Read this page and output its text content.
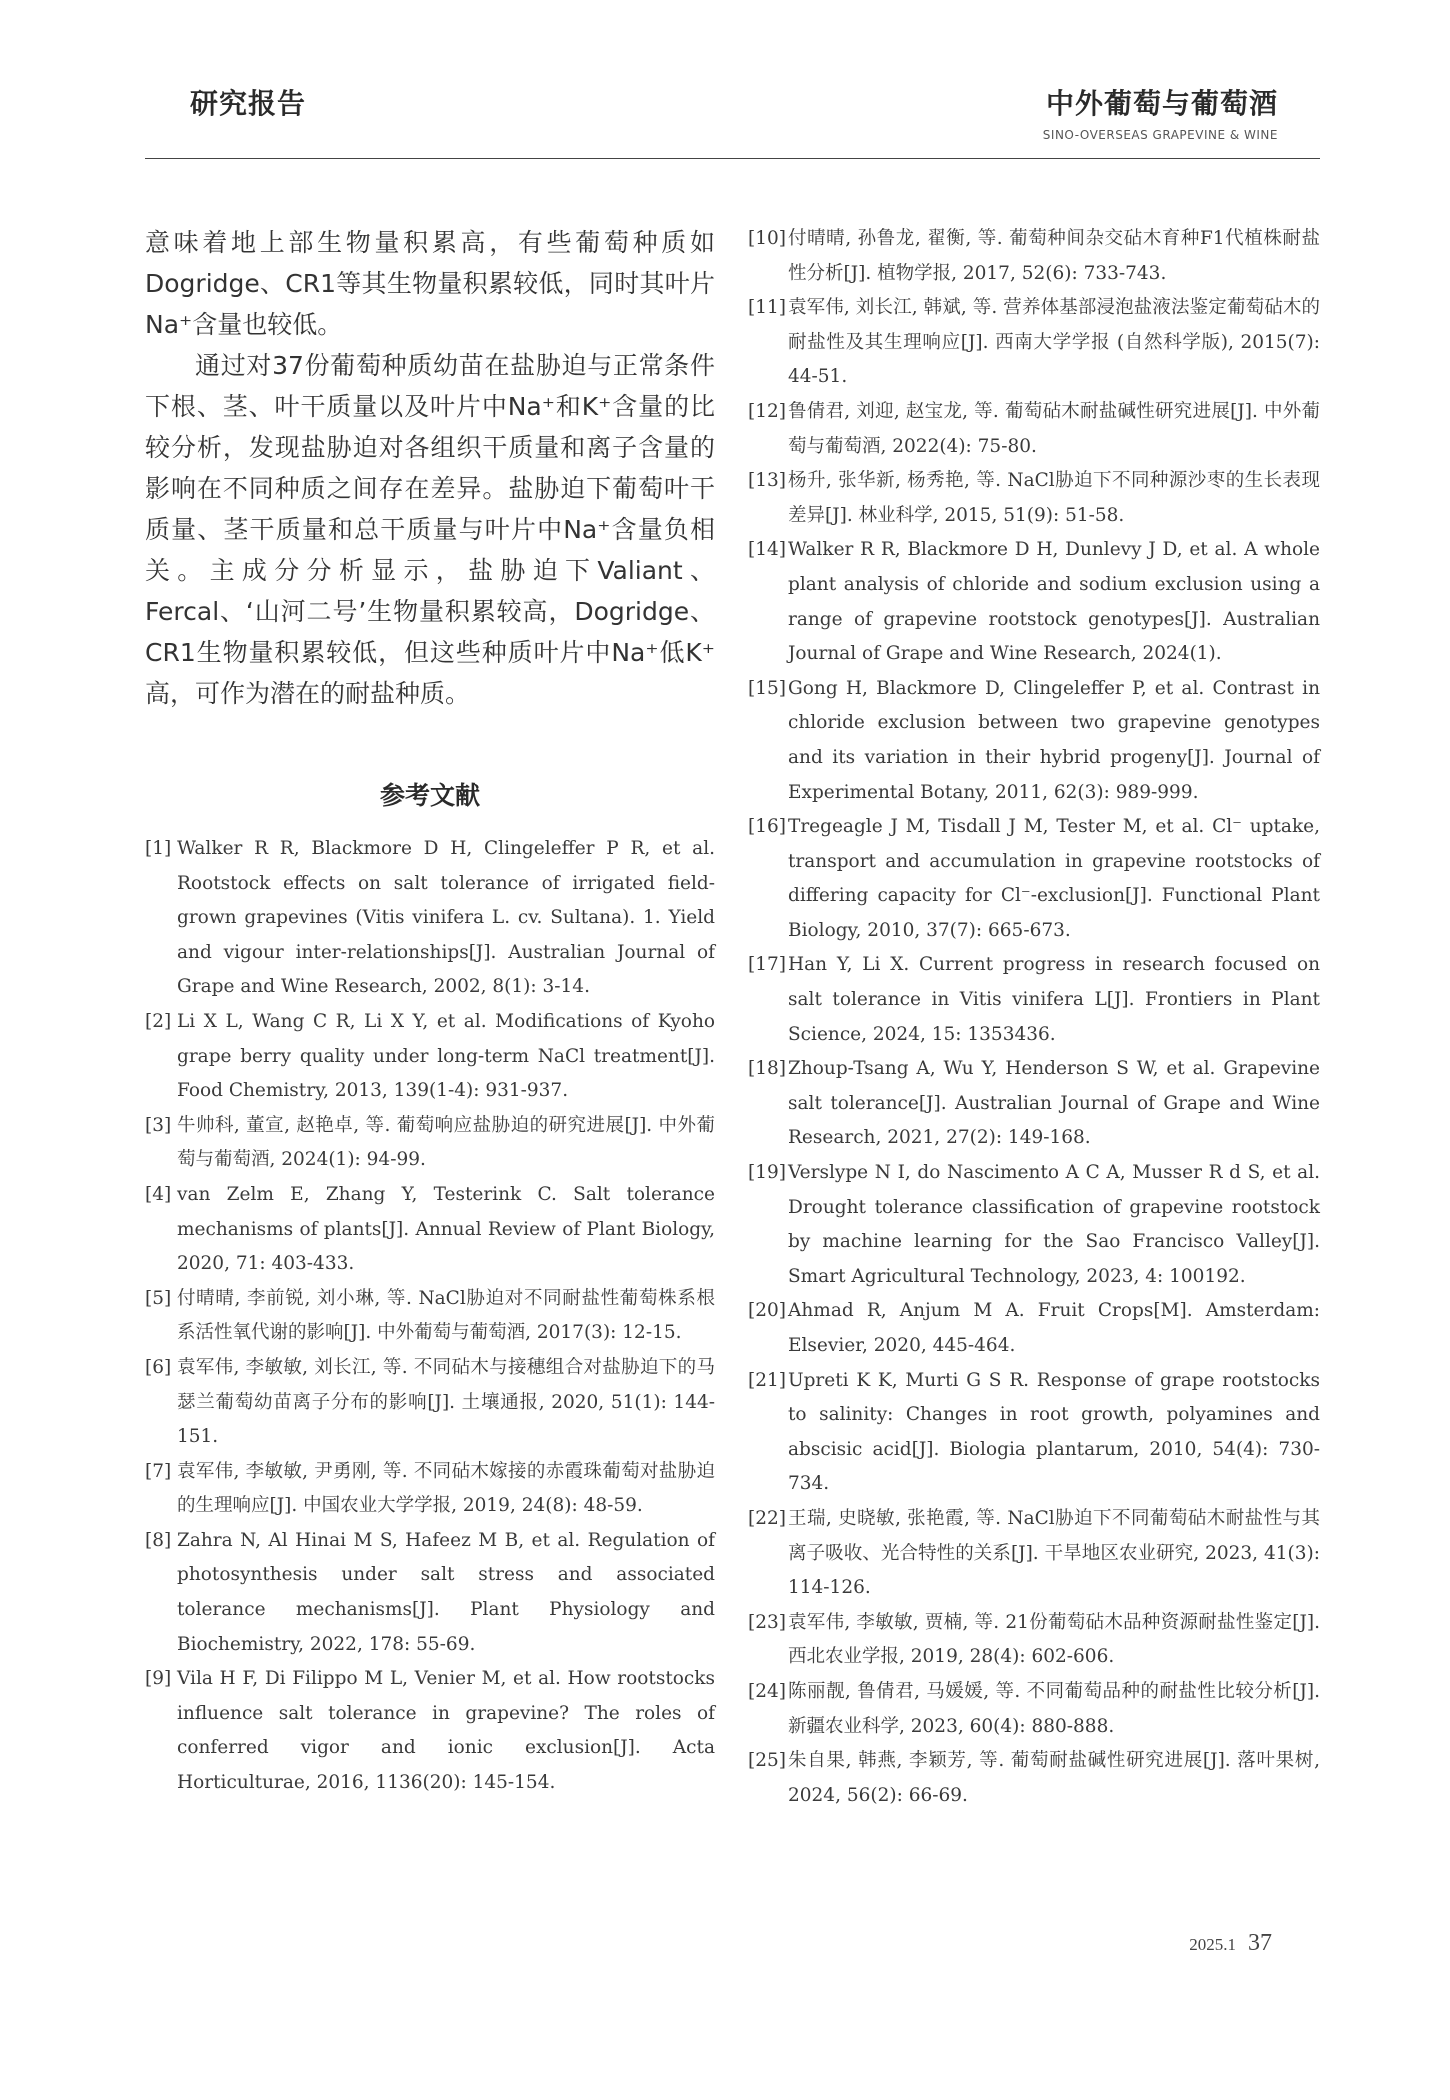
研究报告	中外葡萄与葡萄酒
SINO-OVERSEAS GRAPEVINE & WINE

意味着地上部生物量积累高，有些葡萄种质如Dogridge、CR1等其生物量积累较低，同时其叶片Na⁺含量也较低。

通过对37份葡萄种质幼苗在盐胁迫与正常条件下根、茎、叶干质量以及叶片中Na⁺和K⁺含量的比较分析，发现盐胁迫对各组织干质量和离子含量的影响在不同种质之间存在差异。盐胁迫下葡萄叶干质量、茎干质量和总干质量与叶片中Na⁺含量负相关。主成分分析显示，盐胁迫下Valiant、Fercal、‘山河二号’生物量积累较高，Dogridge、CR1生物量积累较低，但这些种质叶片中Na⁺低K⁺高，可作为潜在的耐盐种质。

参考文献

[1] Walker R R, Blackmore D H, Clingeleffer P R, et al. Rootstock effects on salt tolerance of irrigated field-grown grapevines (Vitis vinifera L. cv. Sultana). 1. Yield and vigour inter-relationships[J]. Australian Journal of Grape and Wine Research, 2002, 8(1): 3-14.

[2] Li X L, Wang C R, Li X Y, et al. Modifications of Kyoho grape berry quality under long-term NaCl treatment[J]. Food Chemistry, 2013, 139(1-4): 931-937.

[3] 牛帅科, 董宣, 赵艳卓, 等. 葡萄响应盐胁迫的研究进展[J]. 中外葡萄与葡萄酒, 2024(1): 94-99.

[4] van Zelm E, Zhang Y, Testerink C. Salt tolerance mechanisms of plants[J]. Annual Review of Plant Biology, 2020, 71: 403-433.

[5] 付晴晴, 李前锐, 刘小琳, 等. NaCl胁迫对不同耐盐性葡萄株系根系活性氧代谢的影响[J]. 中外葡萄与葡萄酒, 2017(3): 12-15.

[6] 袁军伟, 李敏敏, 刘长江, 等. 不同砧木与接穗组合对盐胁迫下的马瑟兰葡萄幼苗离子分布的影响[J]. 土壤通报, 2020, 51(1): 144-151.

[7] 袁军伟, 李敏敏, 尹勇刚, 等. 不同砧木嫁接的赤霞珠葡萄对盐胁迫的生理响应[J]. 中国农业大学学报, 2019, 24(8): 48-59.

[8] Zahra N, Al Hinai M S, Hafeez M B, et al. Regulation of photosynthesis under salt stress and associated tolerance mechanisms[J]. Plant Physiology and Biochemistry, 2022, 178: 55-69.

[9] Vila H F, Di Filippo M L, Venier M, et al. How rootstocks influence salt tolerance in grapevine? The roles of conferred vigor and ionic exclusion[J]. Acta Horticulturae, 2016, 1136(20): 145-154.

[10] 付晴晴, 孙鲁龙, 翟衡, 等. 葡萄种间杂交砧木育种F1代植株耐盐性分析[J]. 植物学报, 2017, 52(6): 733-743.

[11] 袁军伟, 刘长江, 韩斌, 等. 营养体基部浸泡盐液法鉴定葡萄砧木的耐盐性及其生理响应[J]. 西南大学学报 (自然科学版), 2015(7): 44-51.

[12] 鲁倩君, 刘迎, 赵宝龙, 等. 葡萄砧木耐盐碱性研究进展[J]. 中外葡萄与葡萄酒, 2022(4): 75-80.

[13] 杨升, 张华新, 杨秀艳, 等. NaCl胁迫下不同种源沙枣的生长表现差异[J]. 林业科学, 2015, 51(9): 51-58.

[14] Walker R R, Blackmore D H, Dunlevy J D, et al. A whole plant analysis of chloride and sodium exclusion using a range of grapevine rootstock genotypes[J]. Australian Journal of Grape and Wine Research, 2024(1).

[15] Gong H, Blackmore D, Clingeleffer P, et al. Contrast in chloride exclusion between two grapevine genotypes and its variation in their hybrid progeny[J]. Journal of Experimental Botany, 2011, 62(3): 989-999.

[16] Tregeagle J M, Tisdall J M, Tester M, et al. Cl⁻ uptake, transport and accumulation in grapevine rootstocks of differing capacity for Cl⁻-exclusion[J]. Functional Plant Biology, 2010, 37(7): 665-673.

[17] Han Y, Li X. Current progress in research focused on salt tolerance in Vitis vinifera L[J]. Frontiers in Plant Science, 2024, 15: 1353436.

[18] Zhoup-Tsang A, Wu Y, Henderson S W, et al. Grapevine salt tolerance[J]. Australian Journal of Grape and Wine Research, 2021, 27(2): 149-168.

[19] Verslype N I, do Nascimento A C A, Musser R d S, et al. Drought tolerance classification of grapevine rootstock by machine learning for the Sao Francisco Valley[J]. Smart Agricultural Technology, 2023, 4: 100192.

[20] Ahmad R, Anjum M A. Fruit Crops[M]. Amsterdam: Elsevier, 2020, 445-464.

[21] Upreti K K, Murti G S R. Response of grape rootstocks to salinity: Changes in root growth, polyamines and abscisic acid[J]. Biologia plantarum, 2010, 54(4): 730-734.

[22] 王瑞, 史晓敏, 张艳霞, 等. NaCl胁迫下不同葡萄砧木耐盐性与其离子吸收、光合特性的关系[J]. 干旱地区农业研究, 2023, 41(3): 114-126.

[23] 袁军伟, 李敏敏, 贾楠, 等. 21份葡萄砧木品种资源耐盐性鉴定[J]. 西北农业学报, 2019, 28(4): 602-606.

[24] 陈丽靓, 鲁倩君, 马媛媛, 等. 不同葡萄品种的耐盐性比较分析[J]. 新疆农业科学, 2023, 60(4): 880-888.

[25] 朱自果, 韩燕, 李颖芳, 等. 葡萄耐盐碱性研究进展[J]. 落叶果树, 2024, 56(2): 66-69.

2025.1 37
